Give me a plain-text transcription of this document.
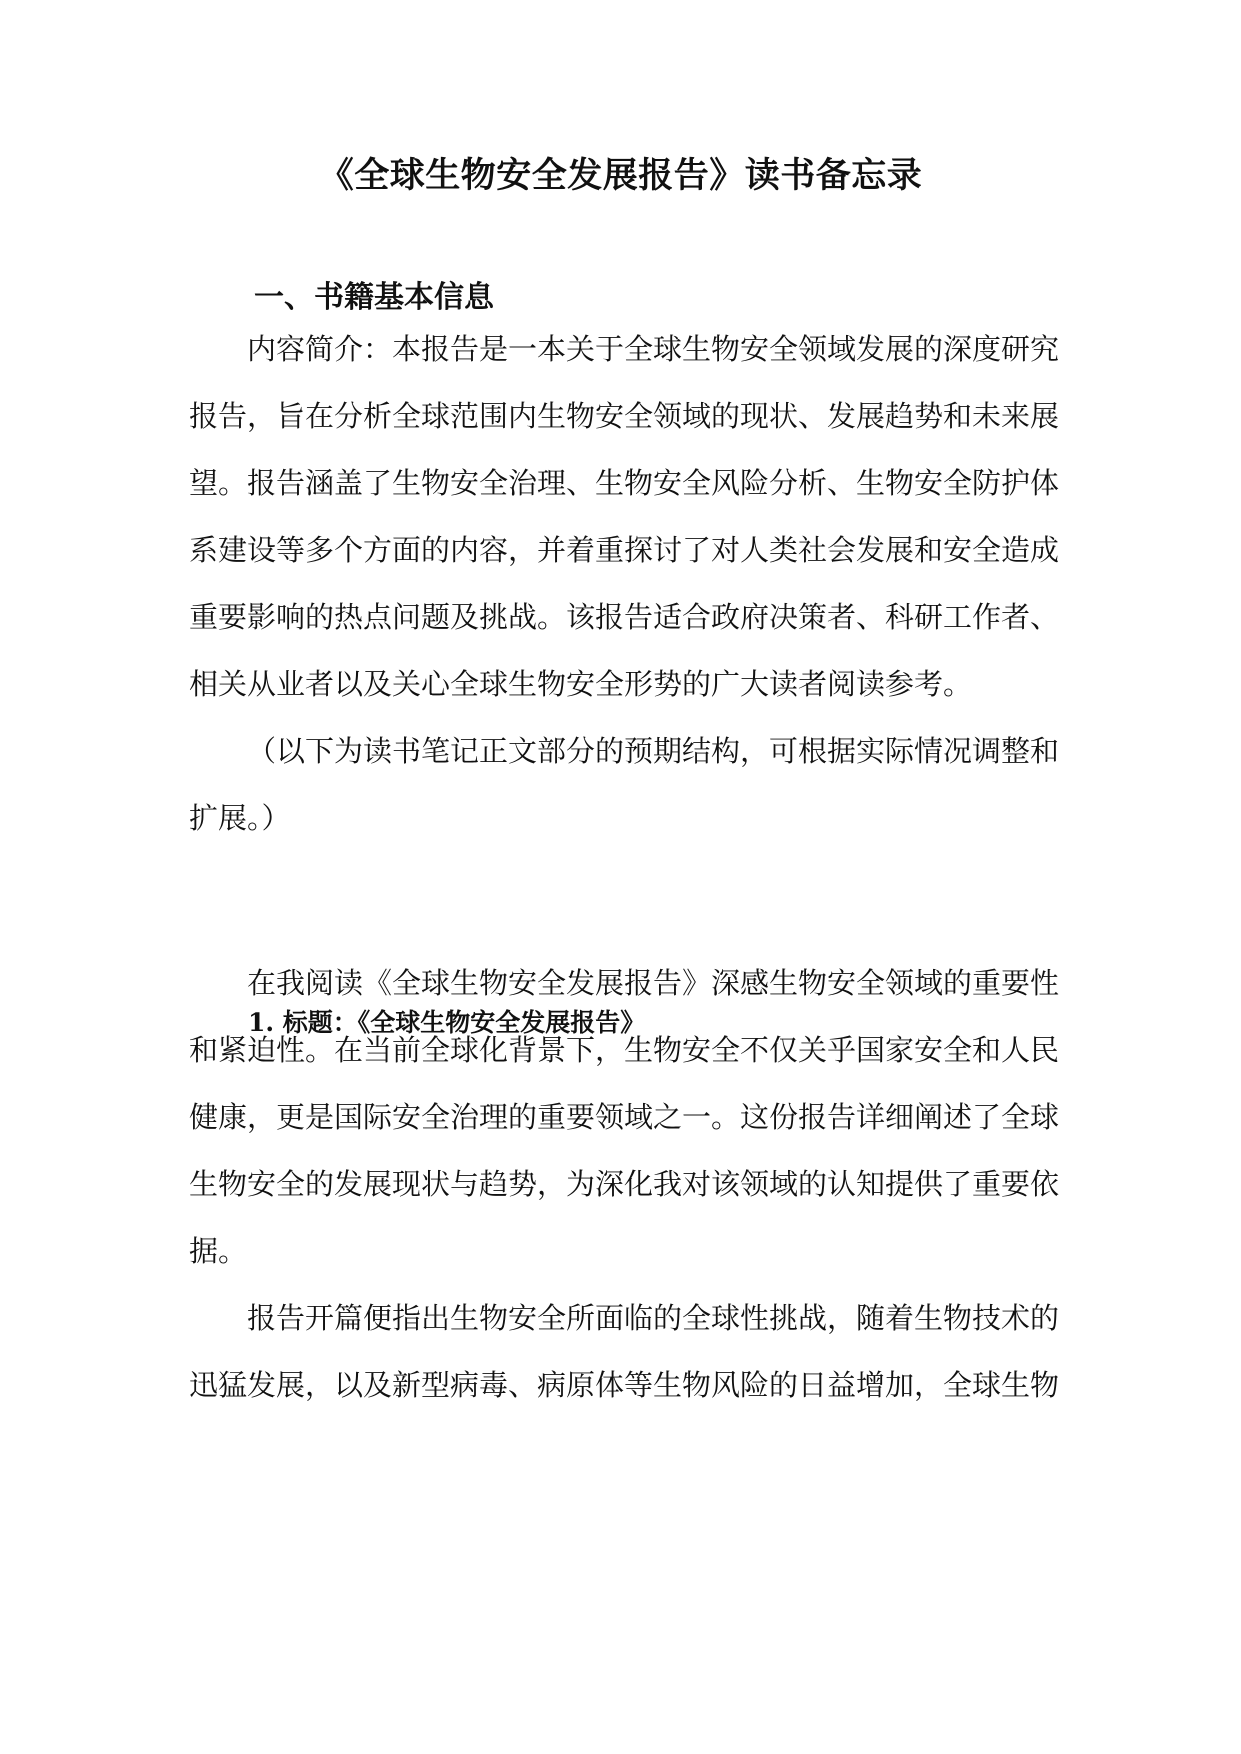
《全球生物安全发展报告》读书备忘录
一、书籍基本信息
内容简介：本报告是一本关于全球生物安全领域发展的深度研究
报告，旨在分析全球范围内生物安全领域的现状、发展趋势和未来展
望。报告涵盖了生物安全治理、生物安全风险分析、生物安全防护体
系建设等多个方面的内容，并着重探讨了对人类社会发展和安全造成
重要影响的热点问题及挑战。该报告适合政府决策者、科研工作者、
相关从业者以及关心全球生物安全形势的广大读者阅读参考。
（以下为读书笔记正文部分的预期结构，可根据实际情况调整和
扩展。）
1. 标题：《全球生物安全发展报告》
在我阅读《全球生物安全发展报告》深感生物安全领域的重要性
和紧迫性。在当前全球化背景下，生物安全不仅关乎国家安全和人民
健康，更是国际安全治理的重要领域之一。这份报告详细阐述了全球
生物安全的发展现状与趋势，为深化我对该领域的认知提供了重要依
据。
报告开篇便指出生物安全所面临的全球性挑战，随着生物技术的
迅猛发展，以及新型病毒、病原体等生物风险的日益增加，全球生物
